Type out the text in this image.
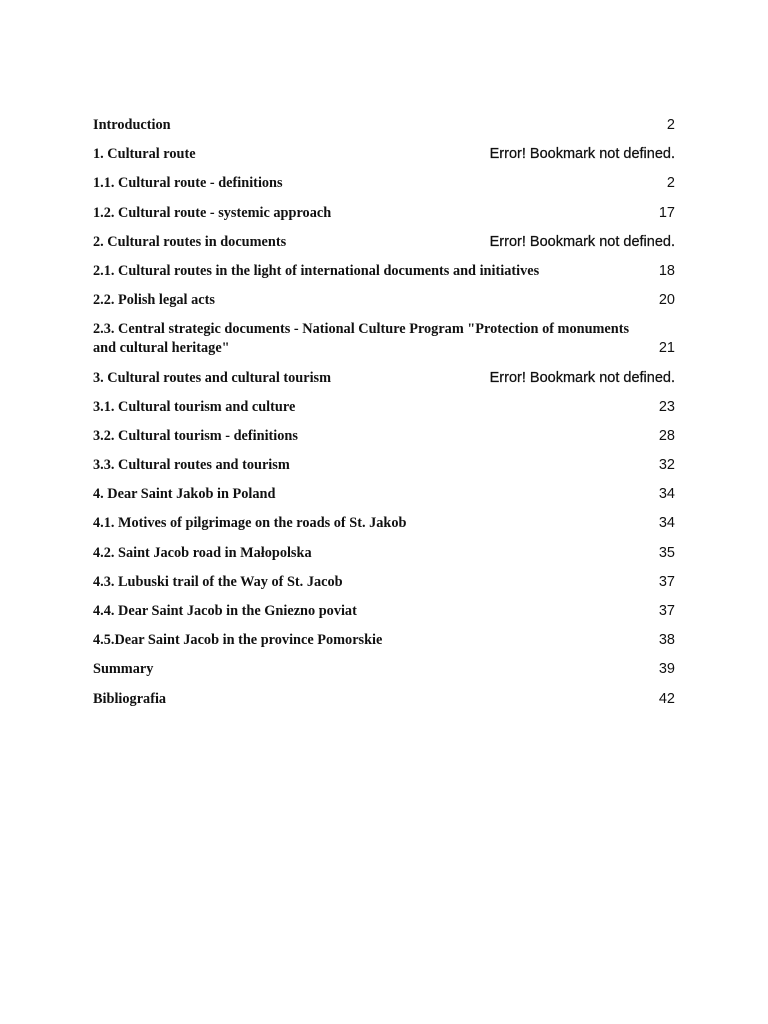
Introduction	2
1. Cultural route	Error! Bookmark not defined.
1.1. Cultural route - definitions	2
1.2. Cultural route - systemic approach	17
2. Cultural routes in documents	Error! Bookmark not defined.
2.1. Cultural routes in the light of international documents and initiatives	18
2.2. Polish legal acts	20
2.3. Central strategic documents - National Culture Program "Protection of monuments and cultural heritage"	21
3. Cultural routes and cultural tourism	Error! Bookmark not defined.
3.1. Cultural tourism and culture	23
3.2. Cultural tourism - definitions	28
3.3. Cultural routes and tourism	32
4. Dear Saint Jakob in Poland	34
4.1. Motives of pilgrimage on the roads of St. Jakob	34
4.2. Saint Jacob road in Małopolska	35
4.3. Lubuski trail of the Way of St. Jacob	37
4.4. Dear Saint Jacob in the Gniezno poviat	37
4.5.Dear Saint Jacob in the province Pomorskie	38
Summary	39
Bibliografia	42
